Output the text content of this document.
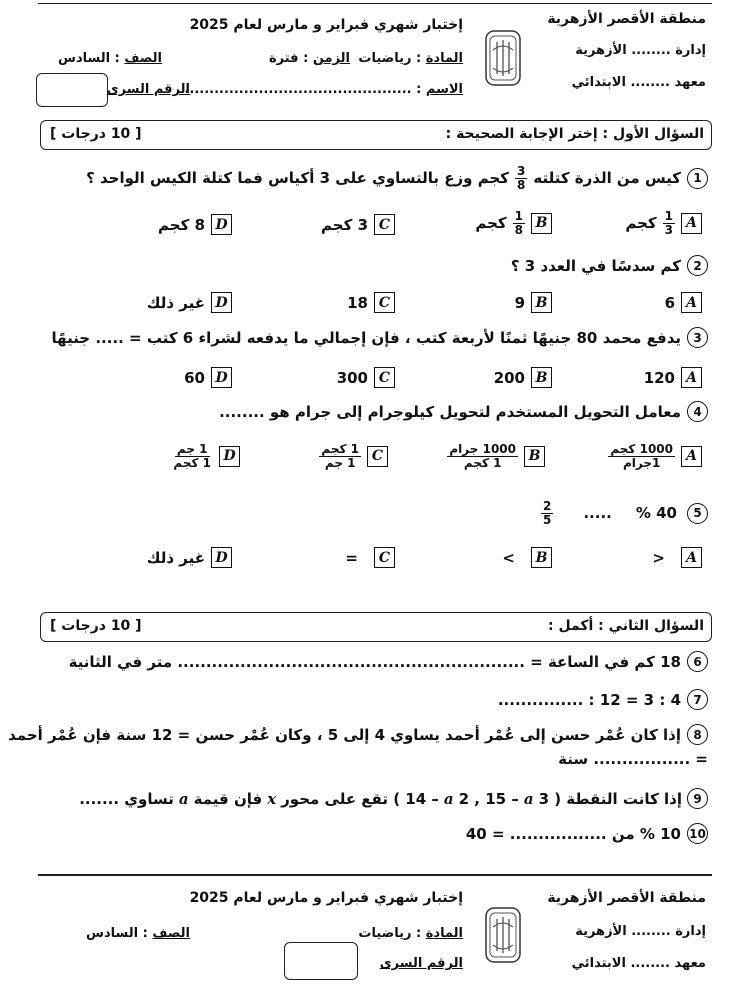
منطقة الأقصر الأزهرية
إدارة ........ الأزهرية
معهد ........ الابتدائي
إختبار شهري فبراير و مارس لعام 2025
المادة : رياضيات
الزمن : فترة
الصف : السادس
الاسم : ..............................................
الرقم السرى
السؤال الأول : إختر الإجابة الصحيحة :
[ 10 درجات ]
1
كيس من الذرة كتلته
$\frac{3}{8}$
كجم وزع بالتساوي على 3 أكياس فما كتلة الكيس الواحد ؟
A
$\frac{1}{3}$
كجم
B
$\frac{1}{8}$
كجم
C
3 كجم
D
8 كجم
2
كم سدسًا في العدد 3 ؟
A
6
B
9
C
18
D
غير ذلك
3
يدفع محمد 80 جنيهًا ثمنًا لأربعة كتب ، فإن إجمالي ما يدفعه لشراء 6 كتب = ..... جنيهًا
A
120
B
200
C
300
D
60
4
معامل التحويل المستخدم لتحويل كيلوجرام إلى جرام هو ........
A
$\frac{\text{1000 كجم}}{\text{1جرام}}$
B
$\frac{\text{1000 جرام}}{\text{1 كجم}}$
C
$\frac{\text{1 كجم}}{\text{1 جم}}$
D
$\frac{\text{1 جم}}{\text{1 كجم}}$
5
40 %
.....
$\frac{2}{5}$
A
<
B
>
C
=
D
غير ذلك
السؤال الثاني : أكمل :
[ 10 درجات ]
6
18 كم في الساعة = ............................................................. متر في الثانية
7
4 : 3 = 12 : ...............
8
إذا كان عُمْر حسن إلى عُمْر أحمد يساوي 4 إلى 5 ، وكان عُمْر حسن = 12 سنة فإن عُمْر أحمد
= ................. سنة
9
إذا كانت النقطة ( 3
a
– 15 , 2
a
– 14 ) تقع على محور
x
فإن قيمة
a
تساوي .......
10
10 % من ................. = 40
منطقة الأقصر الأزهرية
إدارة ........ الأزهرية
معهد ........ الابتدائي
إختبار شهري فبراير و مارس لعام 2025
المادة : رياضيات
الصف : السادس
الرقم السرى
